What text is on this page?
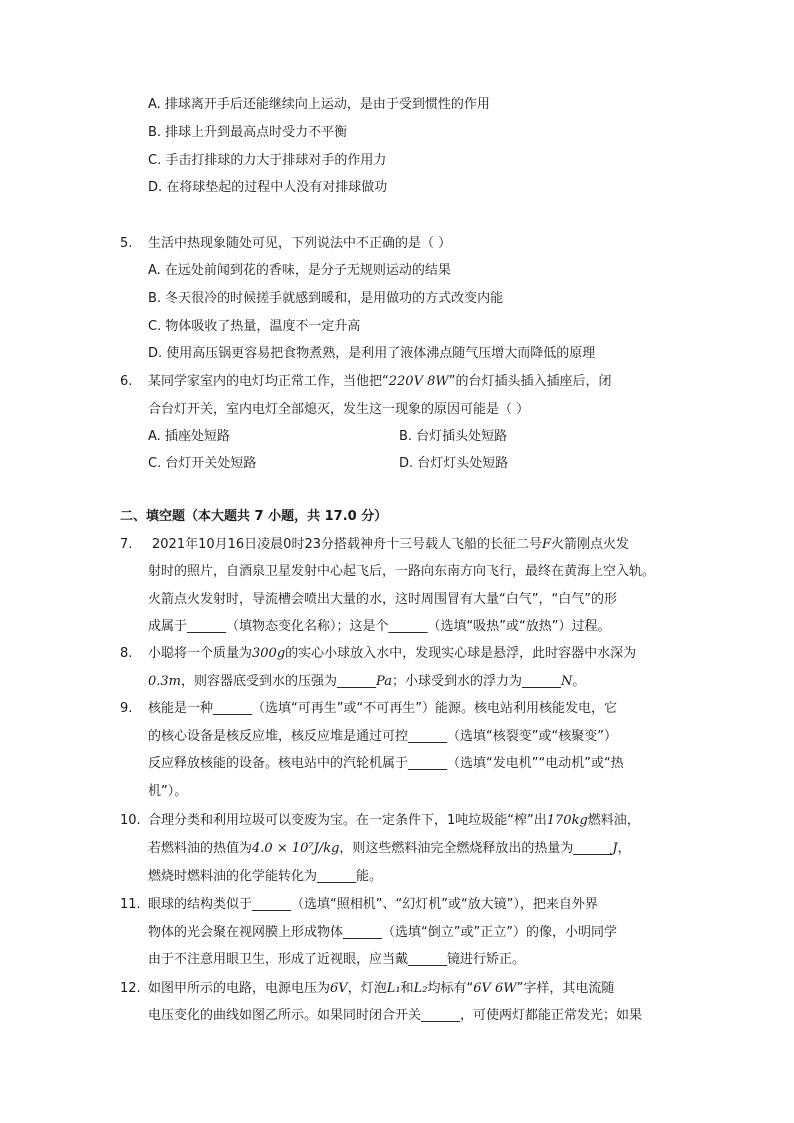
A. 排球离开手后还能继续向上运动，是由于受到惯性的作用
B. 排球上升到最高点时受力不平衡
C. 手击打排球的力大于排球对手的作用力
D. 在将球垫起的过程中人没有对排球做功
5. 生活中热现象随处可见，下列说法中不正确的是（ ）
A. 在远处前闻到花的香味，是分子无规则运动的结果
B. 冬天很冷的时候搓手就感到暖和，是用做功的方式改变内能
C. 物体吸收了热量，温度不一定升高
D. 使用高压锅更容易把食物煮熟，是利用了液体沸点随气压增大而降低的原理
6. 某同学家室内的电灯均正常工作，当他把“220V 8W”的台灯插头插入插座后，闭
合台灯开关，室内电灯全部熄灭，发生这一现象的原因可能是（ ）
A. 插座处短路	B. 台灯插头处短路
C. 台灯开关处短路	D. 台灯灯头处短路
二、填空题（本大题共 7 小题，共 17.0 分）
7. 2021年10月16日凌晨0时23分搭载神舟十三号载人飞船的长征二号F火箭刚点火发
射时的照片，自酒泉卫星发射中心起飞后，一路向东南方向飞行，最终在黄海上空入轨。
火箭点火发射时，导流槽会喷出大量的水，这时周围冒有大量“白气”，“白气”的形
成属于______（填物态变化名称）；这是个______（选填“吸热”或“放热”）过程。
8. 小聪将一个质量为300g的实心小球放入水中，发现实心球是悬浮，此时容器中水深为
0.3m，则容器底受到水的压强为______Pa；小球受到水的浮力为______N。
9. 核能是一种______（选填“可再生”或“不可再生”）能源。核电站利用核能发电，它
的核心设备是核反应堆，核反应堆是通过可控______（选填“核裂变”或“核聚变”）
反应释放核能的设备。核电站中的汽轮机属于______（选填“发电机”“电动机”或“热
机”）。
10. 合理分类和利用垃圾可以变废为宝。在一定条件下，1吨垃圾能“榨”出170kg燃料油，
若燃料油的热值为4.0 × 10⁷J/kg，则这些燃料油完全燃烧释放出的热量为______J，
燃烧时燃料油的化学能转化为______能。
11. 眼球的结构类似于______（选填“照相机”、“幻灯机”或“放大镜”），把来自外界
物体的光会聚在视网膜上形成物体______（选填“倒立”或”正立”）的像，小明同学
由于不注意用眼卫生，形成了近视眼，应当戴______镜进行矫正。
12. 如图甲所示的电路，电源电压为6V，灯泡L₁和L₂均标有“6V 6W”字样，其电流随
电压变化的曲线如图乙所示。如果同时闭合开关______，可使两灯都能正常发光；如果
